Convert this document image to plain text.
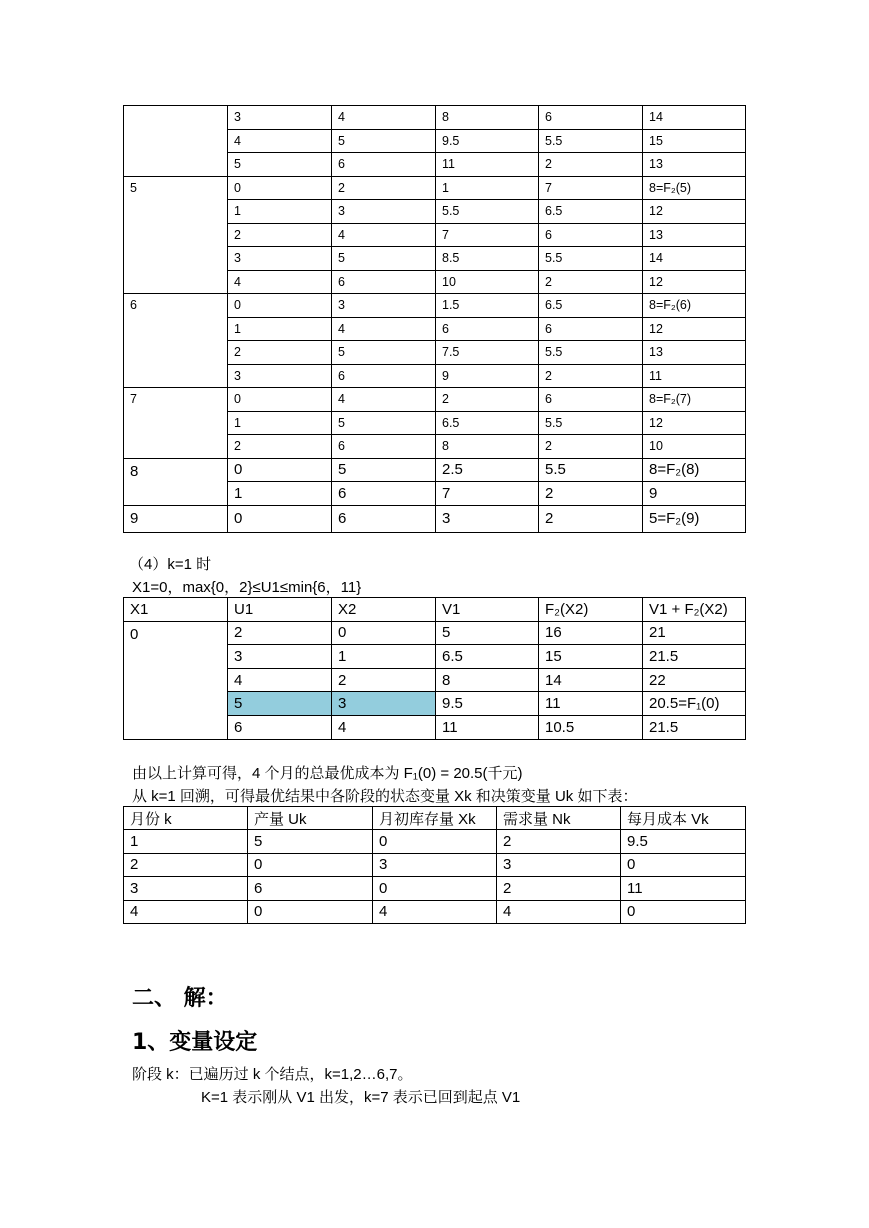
	3	4	8	6	14
	4	5	9.5	5.5	15
	5	6	11	2	13
5	0	2	1	7	8=F₂(5)
	1	3	5.5	6.5	12
	2	4	7	6	13
	3	5	8.5	5.5	14
	4	6	10	2	12
6	0	3	1.5	6.5	8=F₂(6)
	1	4	6	6	12
	2	5	7.5	5.5	13
	3	6	9	2	11
7	0	4	2	6	8=F₂(7)
	1	5	6.5	5.5	12
	2	6	8	2	10
8	0	5	2.5	5.5	8=F₂(8)
	1	6	7	2	9
9	0	6	3	2	5=F₂(9)
（4）k=1 时
X1=0，max{0，2}≤U1≤min{6，11}
X1	U1	X2	V1	F₂(X2)	V1 + F₂(X2)
0	2	0	5	16	21
	3	1	6.5	15	21.5
	4	2	8	14	22
	5	3	9.5	11	20.5=F₁(0)
	6	4	11	10.5	21.5
由以上计算可得，4 个月的总最优成本为 F₁(0) = 20.5(千元)
从 k=1 回溯，可得最优结果中各阶段的状态变量 Xk 和决策变量 Uk 如下表：
月份 k	产量 Uk	月初库存量 Xk	需求量 Nk	每月成本 Vk
1	5	0	2	9.5
2	0	3	3	0
3	6	0	2	11
4	0	4	4	0
二、 解：
1、变量设定
阶段 k：已遍历过 k 个结点，k=1,2…6,7。
K=1 表示刚从 V1 出发，k=7 表示已回到起点 V1
